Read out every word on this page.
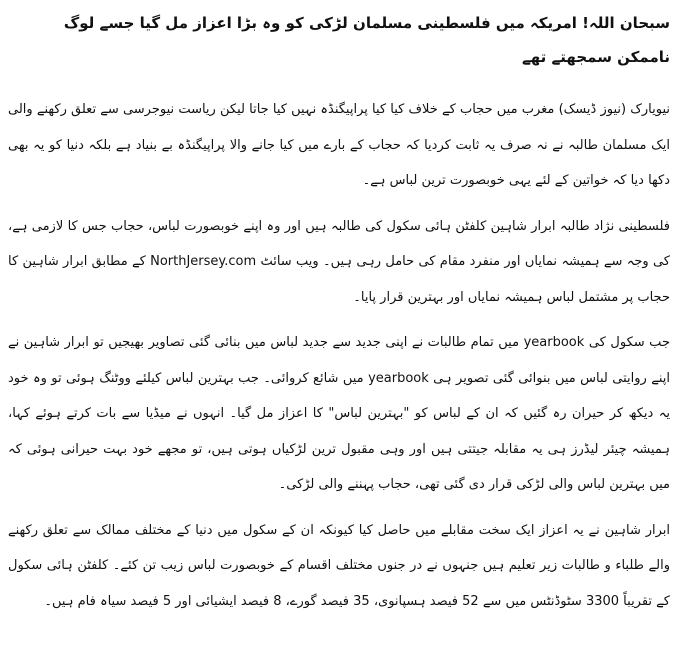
سبحان اللہ! امریکہ میں فلسطینی مسلمان لڑکی کو وہ بڑا اعزاز مل گیا جسے لوگ ناممکن سمجھتے تھے

نیویارک (نیوز ڈیسک) مغرب میں حجاب کے خلاف کیا کیا پراپیگنڈہ نہیں کیا جاتا لیکن ریاست نیوجرسی سے تعلق رکھنے والی ایک مسلمان طالبہ نے نہ صرف یہ ثابت کردیا کہ حجاب کے بارے میں کیا جانے والا پراپیگنڈہ بے بنیاد ہے بلکہ دنیا کو یہ بھی دکھا دیا کہ خواتین کے لئے یہی خوبصورت ترین لباس ہے۔

فلسطینی نژاد طالبہ ابرار شاہین کلفٹن ہائی سکول کی طالبہ ہیں اور وہ اپنے خوبصورت لباس، حجاب جس کا لازمی ہے، کی وجہ سے ہمیشہ نمایاں اور منفرد مقام کی حامل رہی ہیں۔ ویب سائٹ NorthJersey.com کے مطابق ابرار شاہین کا حجاب پر مشتمل لباس ہمیشہ نمایاں اور بہترین قرار پایا۔

جب سکول کی yearbook میں تمام طالبات نے اپنی جدید سے جدید لباس میں بنائی گئی تصاویر بھیجیں تو ابرار شاہین نے اپنے روایتی لباس میں بنوائی گئی تصویر ہی yearbook میں شائع کروائی۔ جب بہترین لباس کیلئے ووٹنگ ہوئی تو وہ خود یہ دیکھ کر حیران رہ گئیں کہ ان کے لباس کو "بہترین لباس" کا اعزاز مل گیا۔ انہوں نے میڈیا سے بات کرتے ہوئے کہا، ہمیشہ چیئر لیڈرز ہی یہ مقابلہ جیتتی ہیں اور وہی مقبول ترین لڑکیاں ہوتی ہیں، تو مجھے خود بہت حیرانی ہوئی کہ میں بہترین لباس والی لڑکی قرار دی گئی تھی، حجاب پہننے والی لڑکی۔

ابرار شاہین نے یہ اعزاز ایک سخت مقابلے میں حاصل کیا کیونکہ ان کے سکول میں دنیا کے مختلف ممالک سے تعلق رکھنے والے طلباء و طالبات زیر تعلیم ہیں جنہوں نے در جنوں مختلف اقسام کے خوبصورت لباس زیب تن کئے۔ کلفٹن ہائی سکول کے تقریباً 3300 سٹوڈنٹس میں سے 52 فیصد ہسپانوی، 35 فیصد گورے، 8 فیصد ایشیائی اور 5 فیصد سیاہ فام ہیں۔
